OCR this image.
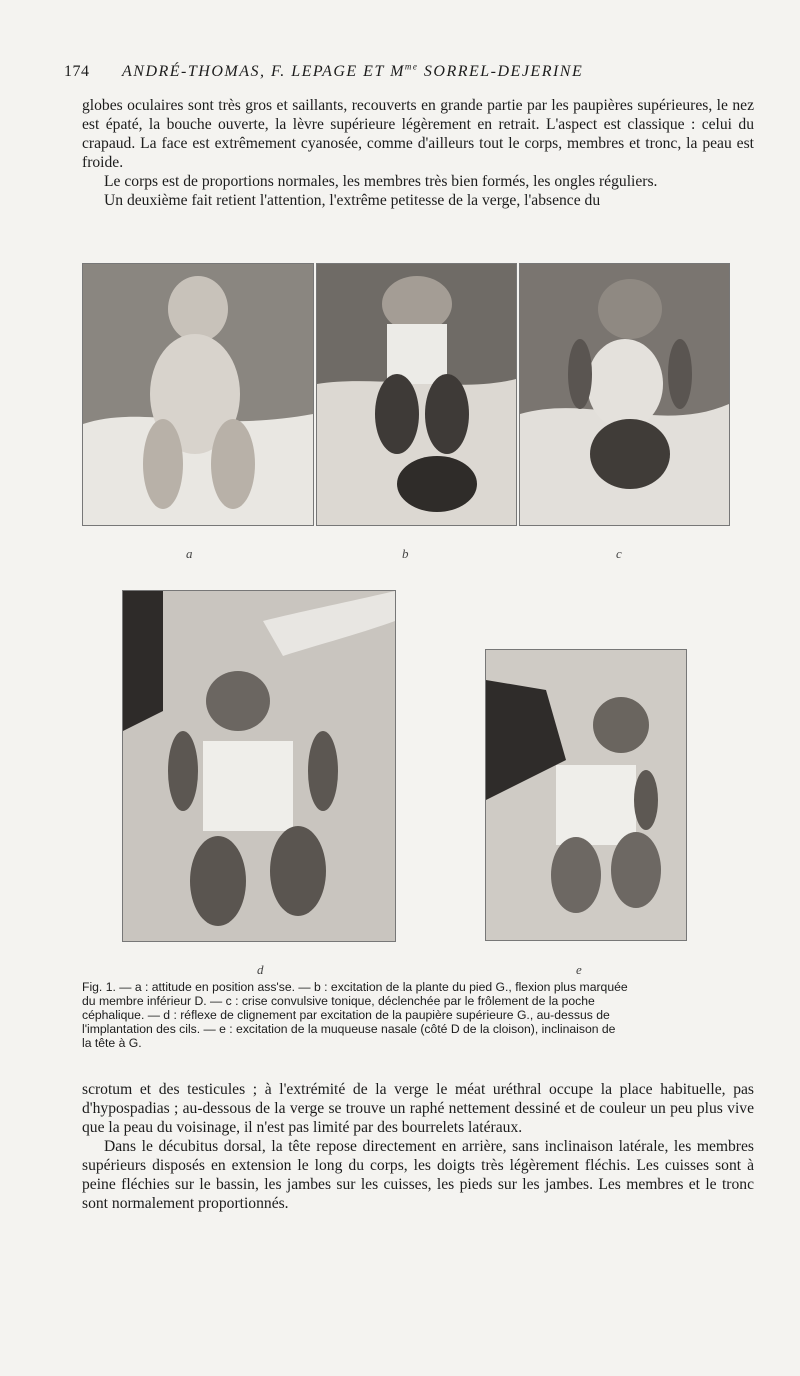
174 ANDRÉ-THOMAS, F. LEPAGE ET $M^{me}$ SORREL-DEJERINE

globes oculaires sont très gros et saillants, recouverts en grande partie par les paupières supérieures, le nez est épaté, la bouche ouverte, la lèvre supérieure légèrement en retrait. L'aspect est classique : celui du crapaud. La face est extrêmement cyanosée, comme d'ailleurs tout le corps, membres et tronc, la peau est froide.

Le corps est de proportions normales, les membres très bien formés, les ongles réguliers.

Un deuxième fait retient l'attention, l'extrême petitesse de la verge, l'absence du

a	b	c
d	e

Fig. 1. — a : attitude en position ass'se. — b : excitation de la plante du pied G., flexion plus marquée

du membre inférieur D. — c : crise convulsive tonique, déclenchée par le frôlement de la poche

céphalique. — d : réflexe de clignement par excitation de la paupière supérieure G., au-dessus de

l'implantation des cils. — e : excitation de la muqueuse nasale (côté D de la cloison), inclinaison de

la tête à G.

scrotum et des testicules ; à l'extrémité de la verge le méat uréthral occupe la place habituelle, pas d'hypospadias ; au-dessous de la verge se trouve un raphé nettement dessiné et de couleur un peu plus vive que la peau du voisinage, il n'est pas limité par des bourrelets latéraux.

Dans le décubitus dorsal, la tête repose directement en arrière, sans inclinaison latérale, les membres supérieurs disposés en extension le long du corps, les doigts très légèrement fléchis. Les cuisses sont à peine fléchies sur le bassin, les jambes sur les cuisses, les pieds sur les jambes. Les membres et le tronc sont normalement proportionnés.
